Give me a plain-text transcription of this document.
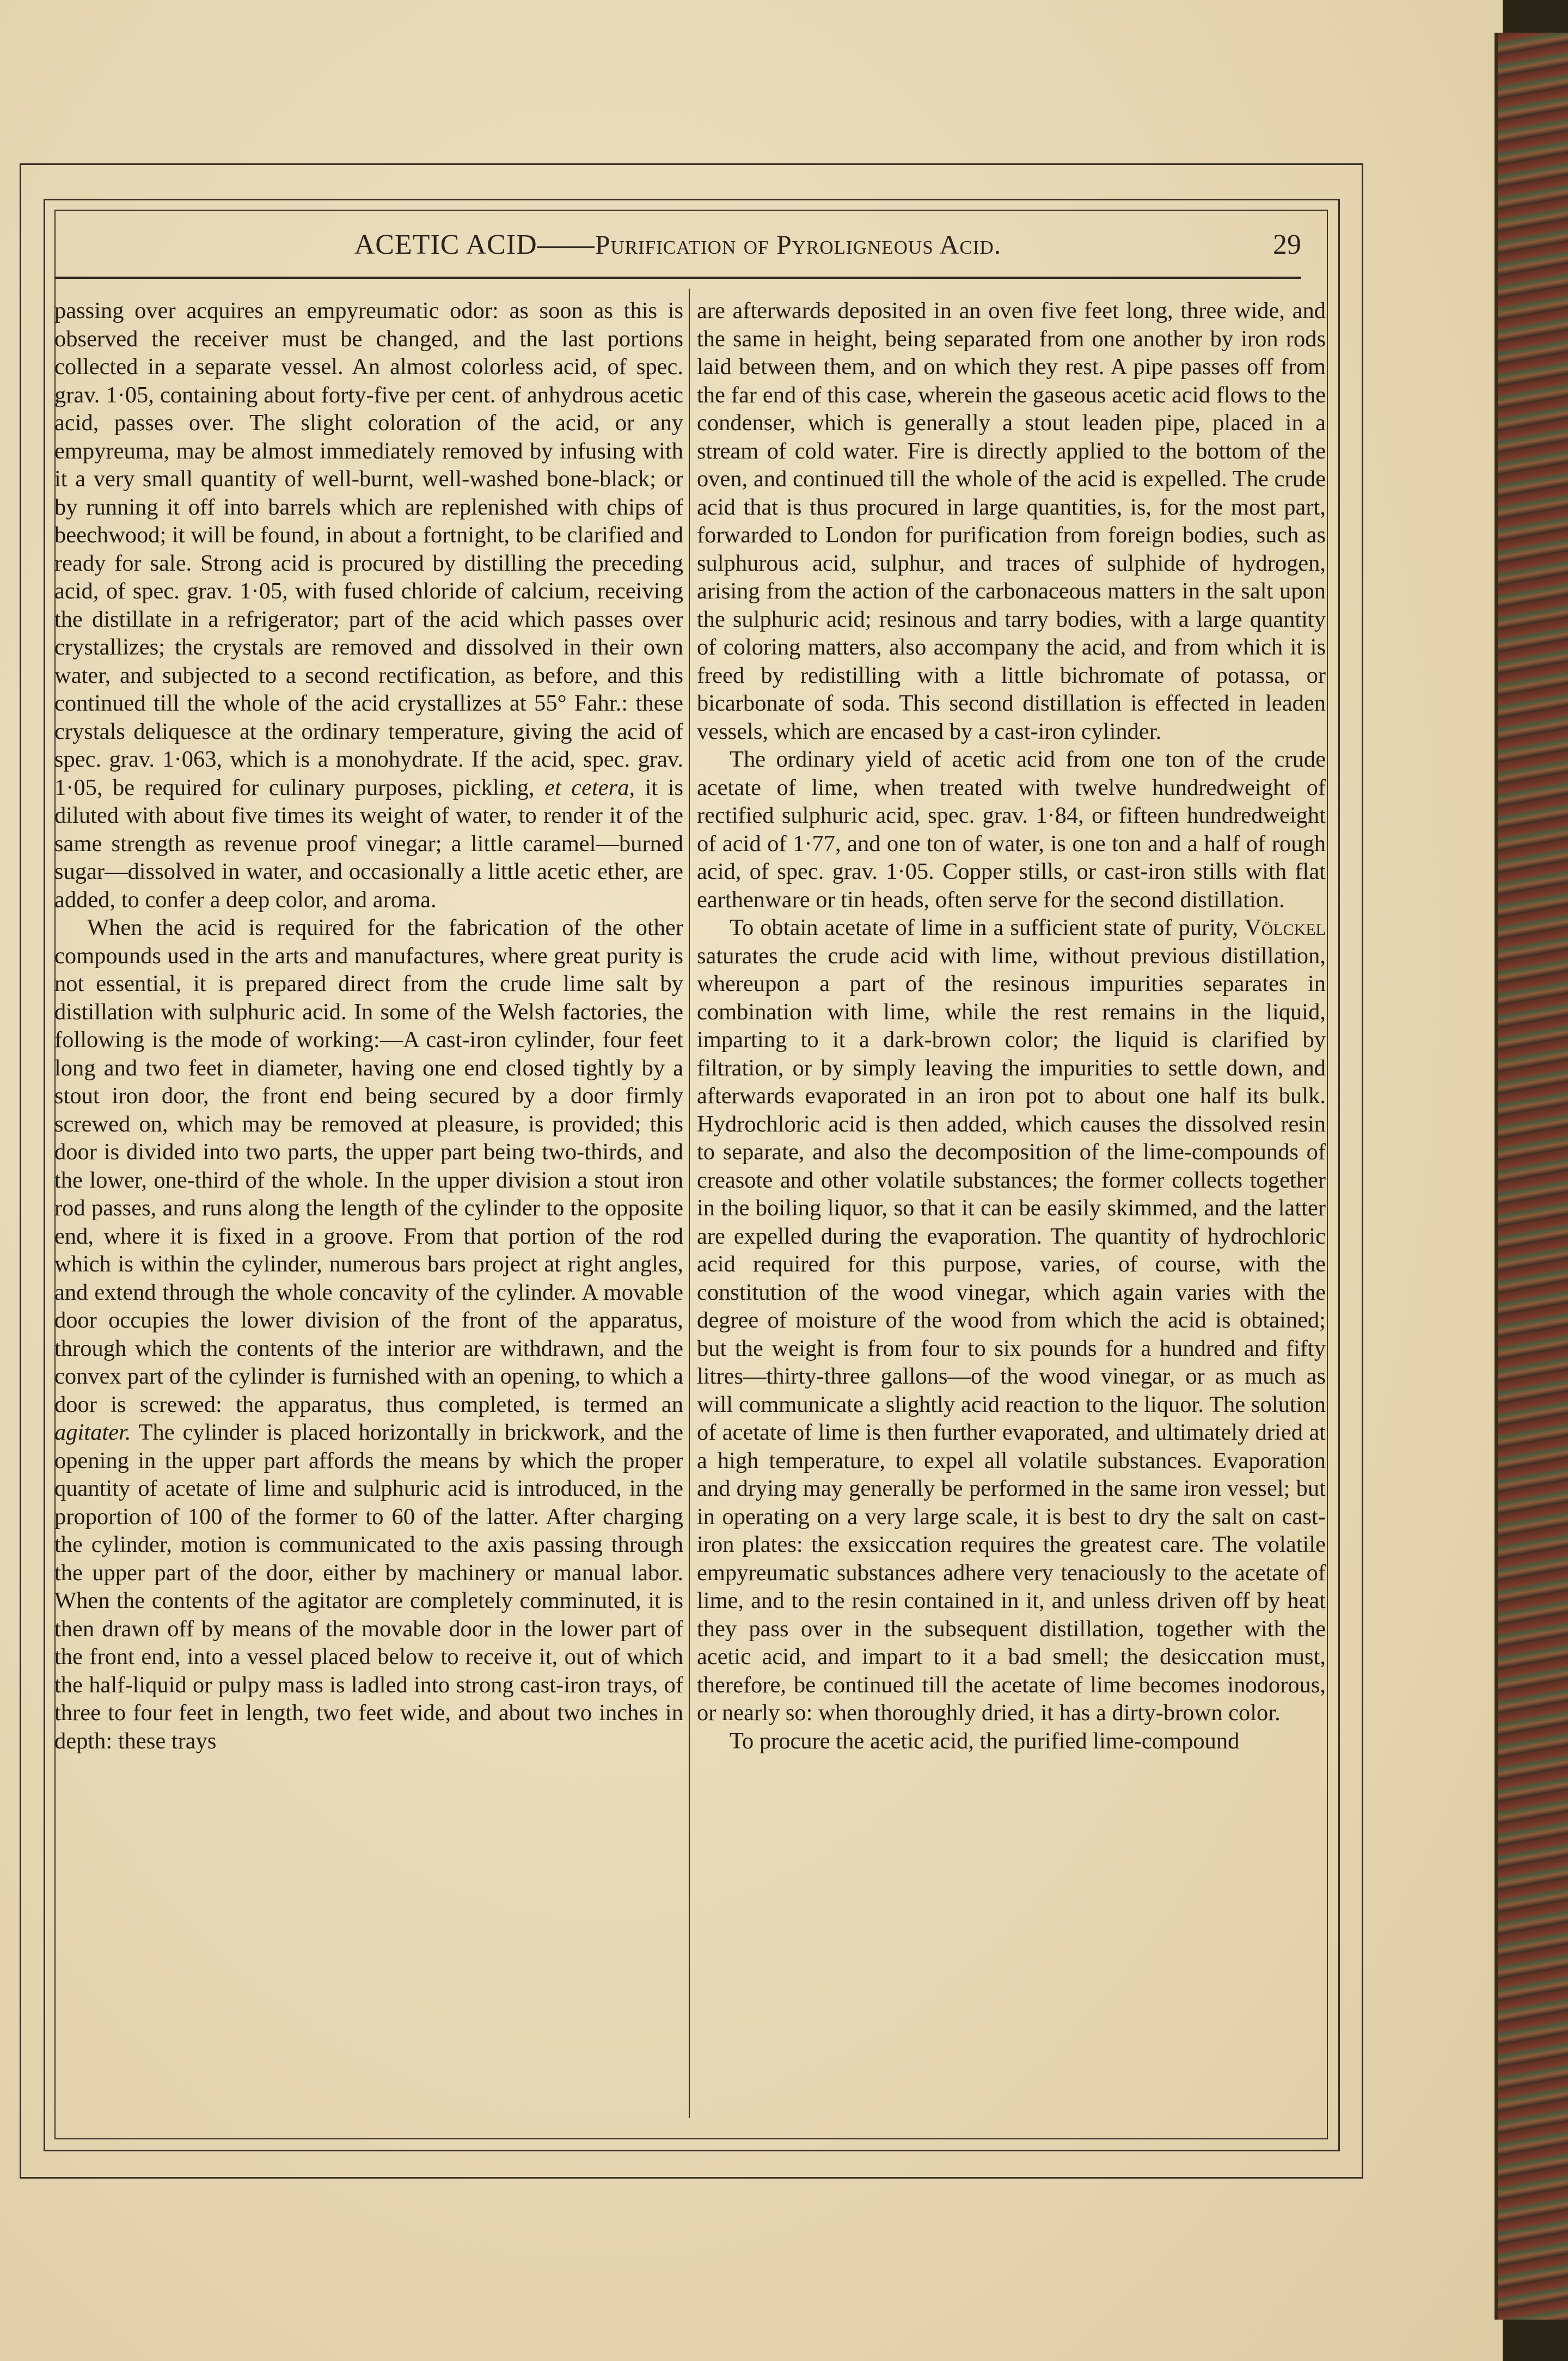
ACETIC ACID——Purification of Pyroligneous Acid.	29

passing over acquires an empyreumatic odor: as soon as this is observed the receiver must be changed, and the last portions collected in a separate vessel. An almost colorless acid, of spec. grav. 1·05, containing about forty-five per cent. of anhydrous acetic acid, passes over. The slight coloration of the acid, or any empyreuma, may be almost immediately removed by infusing with it a very small quantity of well-burnt, well-washed bone-black; or by running it off into barrels which are replenished with chips of beechwood; it will be found, in about a fortnight, to be clarified and ready for sale. Strong acid is procured by distilling the preceding acid, of spec. grav. 1·05, with fused chloride of calcium, receiving the distillate in a refrigerator; part of the acid which passes over crystallizes; the crystals are removed and dissolved in their own water, and subjected to a second rectification, as before, and this continued till the whole of the acid crystallizes at 55° Fahr.: these crystals deliquesce at the ordinary temperature, giving the acid of spec. grav. 1·063, which is a monohydrate. If the acid, spec. grav. 1·05, be required for culinary purposes, pickling, et cetera, it is diluted with about five times its weight of water, to render it of the same strength as revenue proof vinegar; a little caramel—burned sugar—dissolved in water, and occasionally a little acetic ether, are added, to confer a deep color, and aroma.

When the acid is required for the fabrication of the other compounds used in the arts and manufactures, where great purity is not essential, it is prepared direct from the crude lime salt by distillation with sulphuric acid. In some of the Welsh factories, the following is the mode of working:—A cast-iron cylinder, four feet long and two feet in diameter, having one end closed tightly by a stout iron door, the front end being secured by a door firmly screwed on, which may be removed at pleasure, is provided; this door is divided into two parts, the upper part being two-thirds, and the lower, one-third of the whole. In the upper division a stout iron rod passes, and runs along the length of the cylinder to the opposite end, where it is fixed in a groove. From that portion of the rod which is within the cylinder, numerous bars project at right angles, and extend through the whole concavity of the cylinder. A movable door occupies the lower division of the front of the apparatus, through which the contents of the interior are withdrawn, and the convex part of the cylinder is furnished with an opening, to which a door is screwed: the apparatus, thus completed, is termed an agitater. The cylinder is placed horizontally in brickwork, and the opening in the upper part affords the means by which the proper quantity of acetate of lime and sulphuric acid is introduced, in the proportion of 100 of the former to 60 of the latter. After charging the cylinder, motion is communicated to the axis passing through the upper part of the door, either by machinery or manual labor. When the contents of the agitator are completely comminuted, it is then drawn off by means of the movable door in the lower part of the front end, into a vessel placed below to receive it, out of which the half-liquid or pulpy mass is ladled into strong cast-iron trays, of three to four feet in length, two feet wide, and about two inches in depth: these trays

are afterwards deposited in an oven five feet long, three wide, and the same in height, being separated from one another by iron rods laid between them, and on which they rest. A pipe passes off from the far end of this case, wherein the gaseous acetic acid flows to the condenser, which is generally a stout leaden pipe, placed in a stream of cold water. Fire is directly applied to the bottom of the oven, and continued till the whole of the acid is expelled. The crude acid that is thus procured in large quantities, is, for the most part, forwarded to London for purification from foreign bodies, such as sulphurous acid, sulphur, and traces of sulphide of hydrogen, arising from the action of the carbonaceous matters in the salt upon the sulphuric acid; resinous and tarry bodies, with a large quantity of coloring matters, also accompany the acid, and from which it is freed by redistilling with a little bichromate of potassa, or bicarbonate of soda. This second distillation is effected in leaden vessels, which are encased by a cast-iron cylinder.

The ordinary yield of acetic acid from one ton of the crude acetate of lime, when treated with twelve hundredweight of rectified sulphuric acid, spec. grav. 1·84, or fifteen hundredweight of acid of 1·77, and one ton of water, is one ton and a half of rough acid, of spec. grav. 1·05. Copper stills, or cast-iron stills with flat earthenware or tin heads, often serve for the second distillation.

To obtain acetate of lime in a sufficient state of purity, Völckel saturates the crude acid with lime, without previous distillation, whereupon a part of the resinous impurities separates in combination with lime, while the rest remains in the liquid, imparting to it a dark-brown color; the liquid is clarified by filtration, or by simply leaving the impurities to settle down, and afterwards evaporated in an iron pot to about one half its bulk. Hydrochloric acid is then added, which causes the dissolved resin to separate, and also the decomposition of the lime-compounds of creasote and other volatile substances; the former collects together in the boiling liquor, so that it can be easily skimmed, and the latter are expelled during the evaporation. The quantity of hydrochloric acid required for this purpose, varies, of course, with the constitution of the wood vinegar, which again varies with the degree of moisture of the wood from which the acid is obtained; but the weight is from four to six pounds for a hundred and fifty litres—thirty-three gallons—of the wood vinegar, or as much as will communicate a slightly acid reaction to the liquor. The solution of acetate of lime is then further evaporated, and ultimately dried at a high temperature, to expel all volatile substances. Evaporation and drying may generally be performed in the same iron vessel; but in operating on a very large scale, it is best to dry the salt on cast-iron plates: the exsiccation requires the greatest care. The volatile empyreumatic substances adhere very tenaciously to the acetate of lime, and to the resin contained in it, and unless driven off by heat they pass over in the subsequent distillation, together with the acetic acid, and impart to it a bad smell; the desiccation must, therefore, be continued till the acetate of lime becomes inodorous, or nearly so: when thoroughly dried, it has a dirty-brown color.

To procure the acetic acid, the purified lime-compound
